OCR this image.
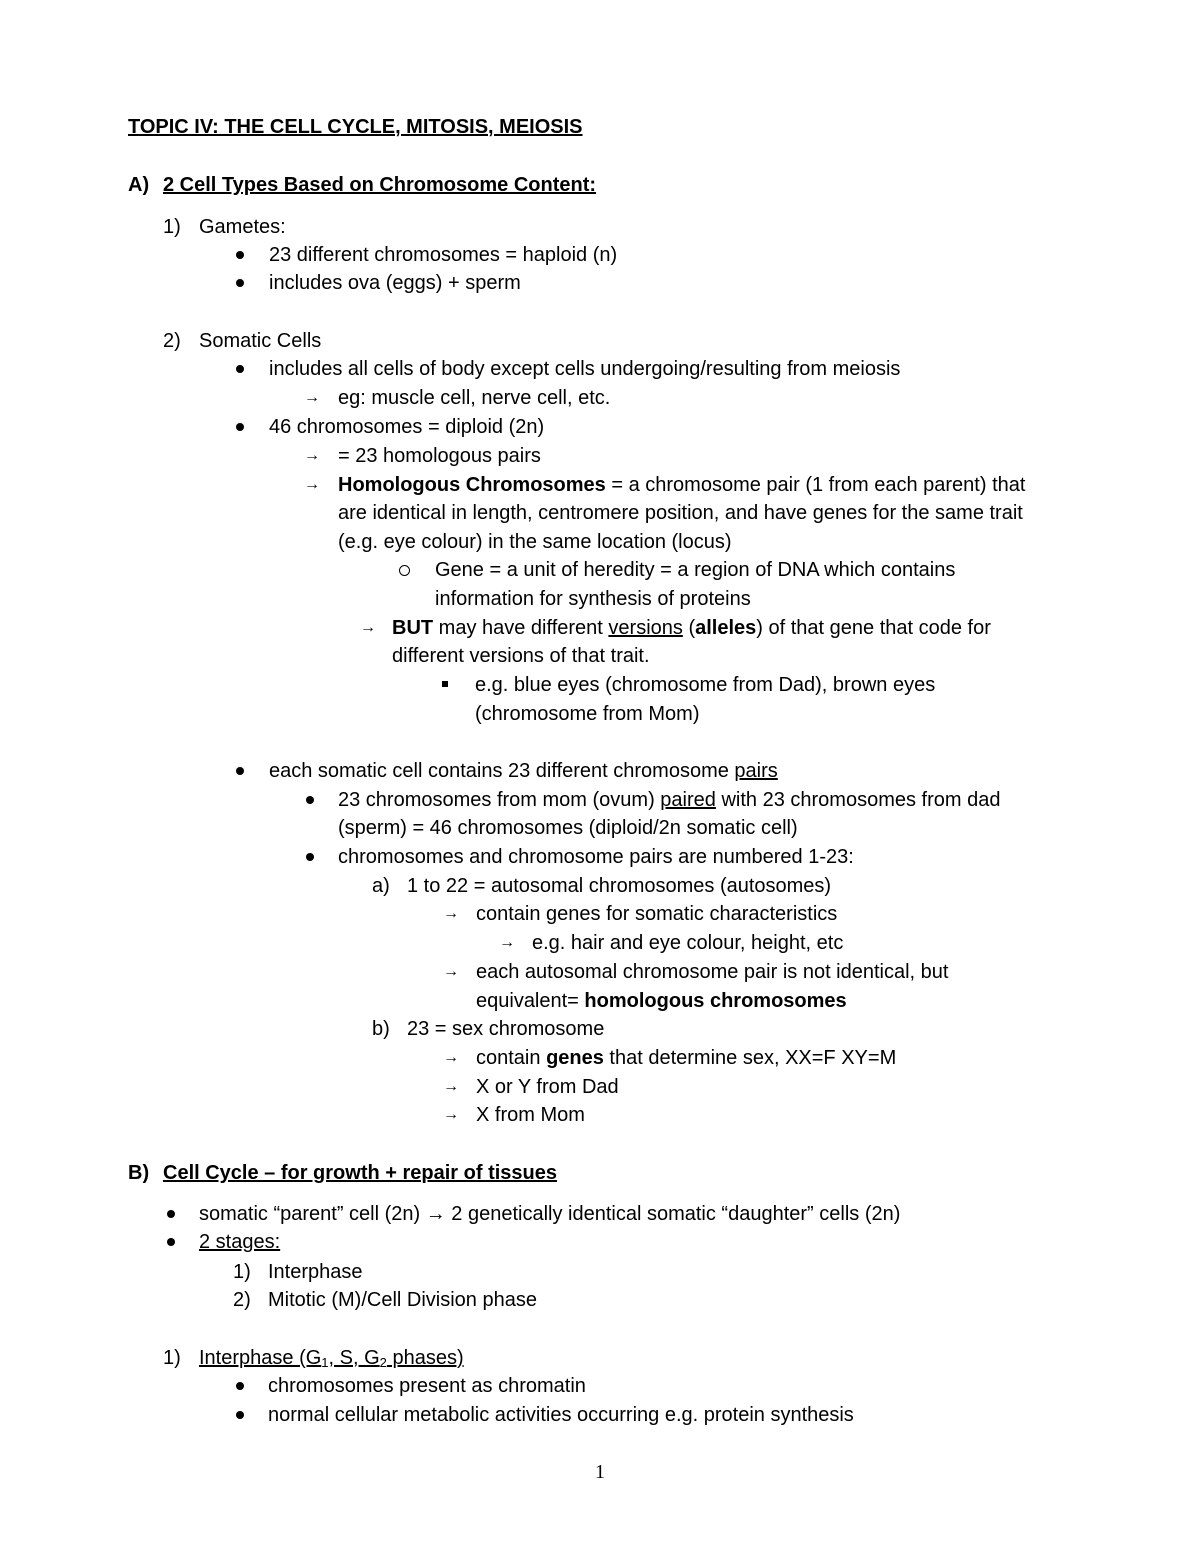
TOPIC IV: THE CELL CYCLE, MITOSIS, MEIOSIS
A) 2 Cell Types Based on Chromosome Content:
1) Gametes:
23 different chromosomes = haploid (n)
includes ova (eggs) + sperm
2) Somatic Cells
includes all cells of body except cells undergoing/resulting from meiosis
→ eg: muscle cell, nerve cell, etc.
46 chromosomes = diploid (2n)
→ = 23 homologous pairs
→ Homologous Chromosomes = a chromosome pair (1 from each parent) that
are identical in length, centromere position, and have genes for the same trait
(e.g. eye colour) in the same location (locus)
Gene = a unit of heredity = a region of DNA which contains
information for synthesis of proteins
→ BUT may have different versions (alleles) of that gene that code for
different versions of that trait.
e.g. blue eyes (chromosome from Dad), brown eyes
(chromosome from Mom)
each somatic cell contains 23 different chromosome pairs
23 chromosomes from mom (ovum) paired with 23 chromosomes from dad
(sperm) = 46 chromosomes (diploid/2n somatic cell)
chromosomes and chromosome pairs are numbered 1-23:
a) 1 to 22 = autosomal chromosomes (autosomes)
→ contain genes for somatic characteristics
→ e.g. hair and eye colour, height, etc
→ each autosomal chromosome pair is not identical, but
equivalent= homologous chromosomes
b) 23 = sex chromosome
→ contain genes that determine sex, XX=F XY=M
→ X or Y from Dad
→ X from Mom
B) Cell Cycle – for growth + repair of tissues
somatic “parent” cell (2n) → 2 genetically identical somatic “daughter” cells (2n)
2 stages:
1) Interphase
2) Mitotic (M)/Cell Division phase
1) Interphase ($G_1$, S, $G_2$ phases)
chromosomes present as chromatin
normal cellular metabolic activities occurring e.g. protein synthesis
1
